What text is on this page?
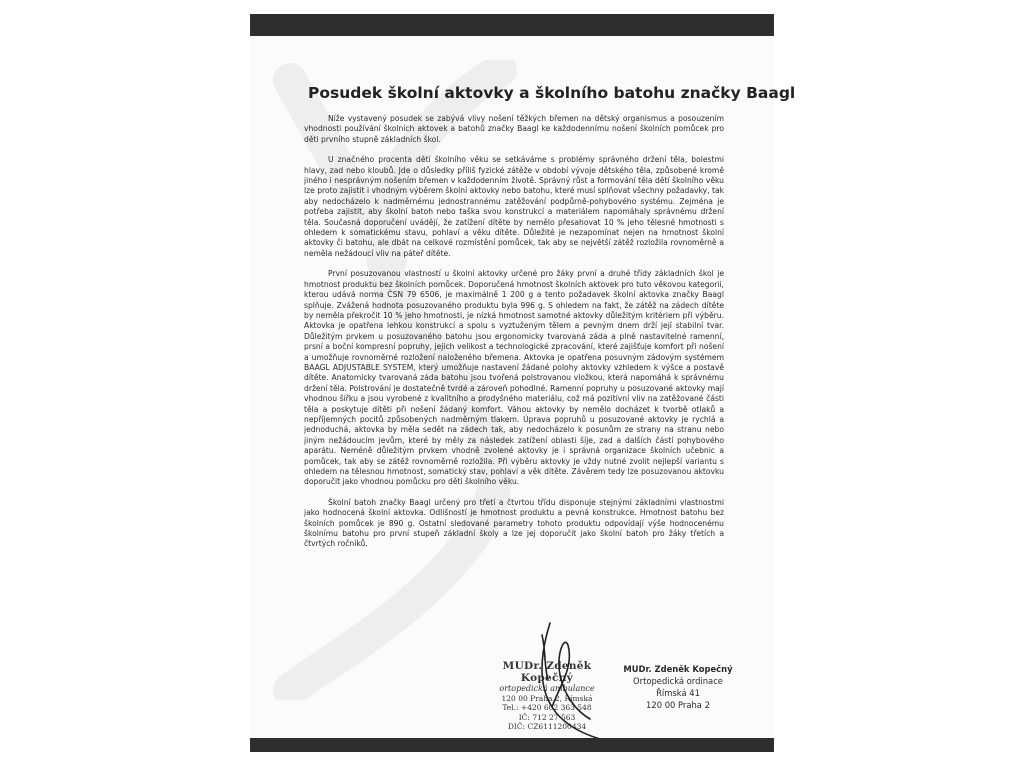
Posudek školní aktovky a školního batohu značky Baagl

Níže vystavený posudek se zabývá vlivy nošení těžkých břemen na dětský organismus a posouzením vhodnosti používání školních aktovek a batohů značky Baagl ke každodennímu nošení školních pomůcek pro děti prvního stupně základních škol.

U značného procenta dětí školního věku se setkáváme s problémy správného držení těla, bolestmi hlavy, zad nebo kloubů. Jde o důsledky příliš fyzické zátěže v období vývoje dětského těla, způsobené kromě jiného i nesprávným nošením břemen v každodenním životě. Správný růst a formování těla dětí školního věku lze proto zajistit i vhodným výběrem školní aktovky nebo batohu, které musí splňovat všechny požadavky, tak aby nedocházelo k nadměrnému jednostrannému zatěžování podpůrně-pohybového systému. Zejména je potřeba zajistit, aby školní batoh nebo taška svou konstrukcí a materiálem napomáhaly správnému držení těla. Současná doporučení uvádějí, že zatížení dítěte by nemělo přesahovat 10 % jeho tělesné hmotnosti s ohledem k somatickému stavu, pohlaví a věku dítěte. Důležité je nezapomínat nejen na hmotnost školní aktovky či batohu, ale dbát na celkové rozmístění pomůcek, tak aby se největší zátěž rozložila rovnoměrně a neměla nežádoucí vliv na páteř dítěte.

První posuzovanou vlastností u školní aktovky určené pro žáky první a druhé třídy základních škol je hmotnost produktu bez školních pomůcek. Doporučená hmotnost školních aktovek pro tuto věkovou kategorii, kterou udává norma ČSN 79 6506, je maximálně 1 200 g a tento požadavek školní aktovka značky Baagl splňuje. Zvážená hodnota posuzovaného produktu byla 996 g. S ohledem na fakt, že zátěž na zádech dítěte by neměla překročit 10 % jeho hmotnosti, je nízká hmotnost samotné aktovky důležitým kritériem při výběru. Aktovka je opatřena lehkou konstrukcí a spolu s vyztuženým tělem a pevným dnem drží její stabilní tvar. Důležitým prvkem u posuzovaného batohu jsou ergonomicky tvarovaná záda a plně nastavitelné ramenní, prsní a boční kompresní popruhy, jejich velikost a technologické zpracování, které zajišťuje komfort při nošení a umožňuje rovnoměrné rozložení naloženého břemena. Aktovka je opatřena posuvným zádovým systémem BAAGL ADJUSTABLE SYSTEM, který umožňuje nastavení žádané polohy aktovky vzhledem k výšce a postavě dítěte. Anatomicky tvarovaná záda batohu jsou tvořená polstrovanou vložkou, která napomáhá k správnému držení těla. Polstrování je dostatečně tvrdé a zároveň pohodlné. Ramenní popruhy u posuzované aktovky mají vhodnou šířku a jsou vyrobené z kvalitního a prodyšného materiálu, což má pozitivní vliv na zatěžované části těla a poskytuje dítěti při nošení žádaný komfort. Váhou aktovky by nemělo docházet k tvorbě otlaků a nepříjemných pocitů způsobených nadměrným tlakem. Úprava popruhů u posuzované aktovky je rychlá a jednoduchá, aktovka by měla sedět na zádech tak, aby nedocházelo k posunům ze strany na stranu nebo jiným nežádoucím jevům, které by měly za následek zatížení oblasti šíje, zad a dalších částí pohybového aparátu. Neméně důležitým prvkem vhodně zvolené aktovky je i správná organizace školních učebnic a pomůcek, tak aby se zátěž rovnoměrně rozložila. Při výběru aktovky je vždy nutné zvolit nejlepší variantu s ohledem na tělesnou hmotnost, somatický stav, pohlaví a věk dítěte. Závěrem tedy lze posuzovanou aktovku doporučit jako vhodnou pomůcku pro děti školního věku.

Školní batoh značky Baagl určený pro třetí a čtvrtou třídu disponuje stejnými základními vlastnostmi jako hodnocená školní aktovka. Odlišností je hmotnost produktu a pevná konstrukce. Hmotnost batohu bez školních pomůcek je 890 g. Ostatní sledované parametry tohoto produktu odpovídají výše hodnocenému školnímu batohu pro první stupeň základní školy a lze jej doporučit jako školní batoh pro žáky třetích a čtvrtých ročníků.

MUDr. Zdeněk Kopečný
ortopedická ambulance
120 00 Praha 2, Římská
Tel.: +420 602 363 548
IČ: 712 27 563
DIČ: CZ6111200434
MUDr. Zdeněk Kopečný
Ortopedická ordinace
Římská 41
120 00 Praha 2
